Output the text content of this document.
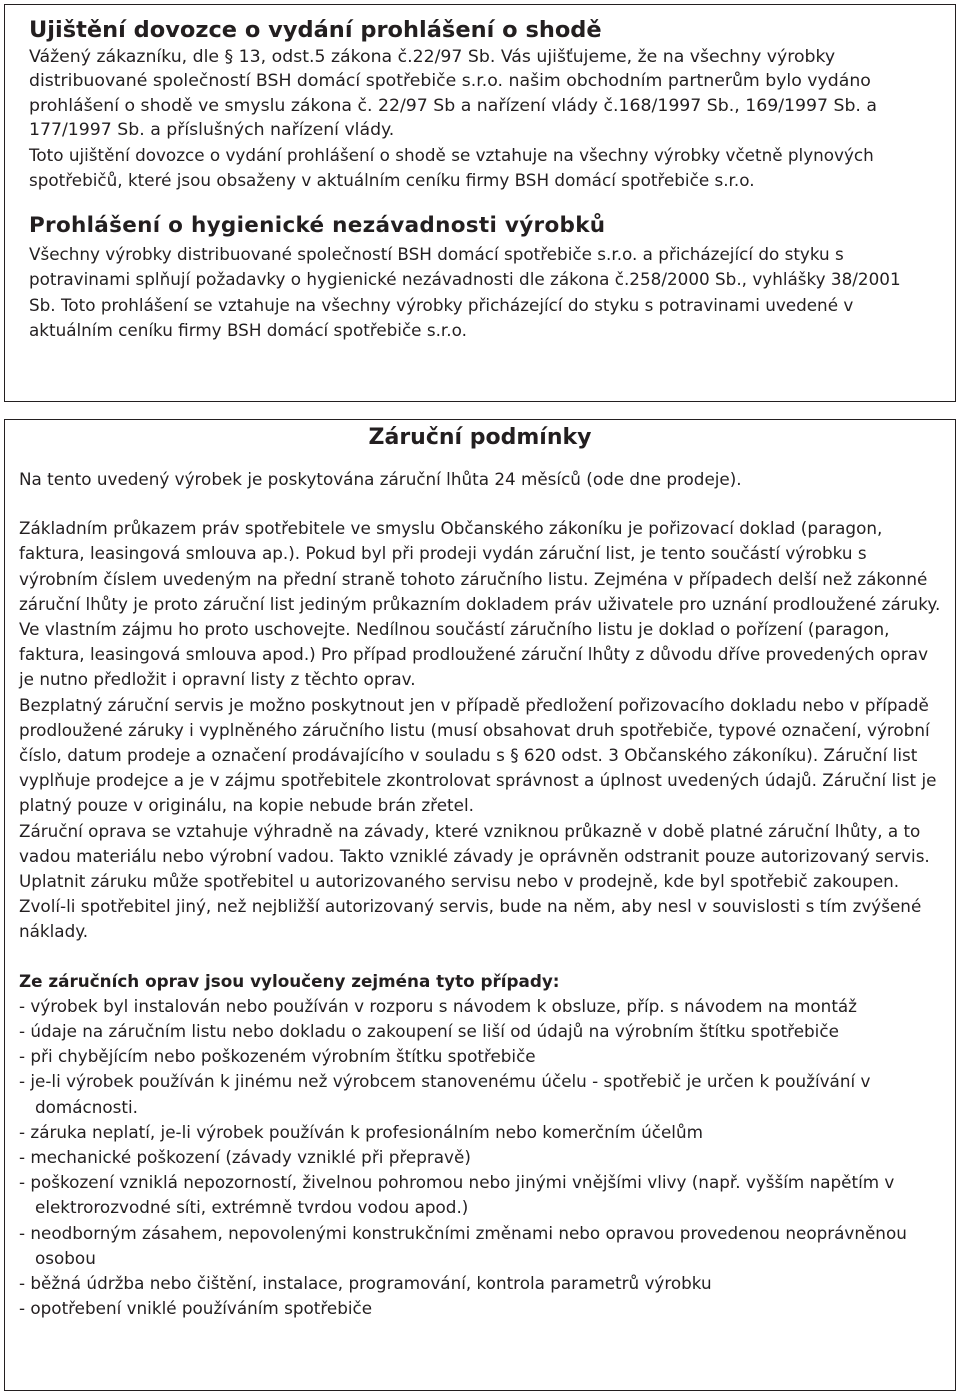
Ujištění dovozce o vydání prohlášení o shodě

Vážený zákazníku, dle § 13, odst.5 zákona č.22/97 Sb. Vás ujišťujeme, že na všechny výrobky distribuované společností BSH domácí spotřebiče s.r.o. našim obchodním partnerům bylo vydáno prohlášení o shodě ve smyslu zákona č. 22/97 Sb a nařízení vlády č.168/1997 Sb., 169/1997 Sb. a 177/1997 Sb. a příslušných nařízení vlády.

Toto ujištění dovozce o vydání prohlášení o shodě se vztahuje na všechny výrobky včetně plynových spotřebičů, které jsou obsaženy v aktuálním ceníku firmy BSH domácí spotřebiče s.r.o.

Prohlášení o hygienické nezávadnosti výrobků

Všechny výrobky distribuované společností BSH domácí spotřebiče s.r.o. a přicházející do styku s potravinami splňují požadavky o hygienické nezávadnosti dle zákona č.258/2000 Sb., vyhlášky 38/2001 Sb. Toto prohlášení se vztahuje na všechny výrobky přicházející do styku s potravinami uvedené v aktuálním ceníku firmy BSH domácí spotřebiče s.r.o.

Záruční podmínky

Na tento uvedený výrobek je poskytována záruční lhůta 24 měsíců (ode dne prodeje).

Základním průkazem práv spotřebitele ve smyslu Občanského zákoníku je pořizovací doklad (paragon, faktura, leasingová smlouva ap.). Pokud byl při prodeji vydán záruční list, je tento součástí výrobku s výrobním číslem uvedeným na přední straně tohoto záručního listu. Zejména v případech delší než zákonné záruční lhůty je proto záruční list jediným průkazním dokladem práv uživatele pro uznání prodloužené záruky. Ve vlastním zájmu ho proto uschovejte. Nedílnou součástí záručního listu je doklad o pořízení (paragon, faktura, leasingová smlouva apod.) Pro případ prodloužené záruční lhůty z důvodu dříve provedených oprav je nutno předložit i opravní listy z těchto oprav.

Bezplatný záruční servis je možno poskytnout jen v případě předložení pořizovacího dokladu nebo v případě prodloužené záruky i vyplněného záručního listu (musí obsahovat druh spotřebiče, typové označení, výrobní číslo, datum prodeje a označení prodávajícího v souladu s § 620 odst. 3 Občanského zákoníku). Záruční list vyplňuje prodejce a je v zájmu spotřebitele zkontrolovat správnost a úplnost uvedených údajů. Záruční list je platný pouze v originálu, na kopie nebude brán zřetel.

Záruční oprava se vztahuje výhradně na závady, které vzniknou průkazně v době platné záruční lhůty, a to vadou materiálu nebo výrobní vadou. Takto vzniklé závady je oprávněn odstranit pouze autorizovaný servis. Uplatnit záruku může spotřebitel u autorizovaného servisu nebo v prodejně, kde byl spotřebič zakoupen. Zvolí-li spotřebitel jiný, než nejbližší autorizovaný servis, bude na něm, aby nesl v souvislosti s tím zvýšené náklady.

Ze záručních oprav jsou vyloučeny zejména tyto případy:

- výrobek byl instalován nebo používán v rozporu s návodem k obsluze, příp. s návodem na montáž
- údaje na záručním listu nebo dokladu o zakoupení se liší od údajů na výrobním štítku spotřebiče
- při chybějícím nebo poškozeném výrobním štítku spotřebiče
- je-li výrobek používán k jinému než výrobcem stanovenému účelu - spotřebič je určen k používání v domácnosti.
- záruka neplatí, je-li výrobek používán k profesionálním nebo komerčním účelům
- mechanické poškození (závady vzniklé při přepravě)
- poškození vzniklá nepozorností, živelnou pohromou nebo jinými vnějšími vlivy (např. vyšším napětím v elektrorozvodné síti, extrémně tvrdou vodou apod.)
- neodborným zásahem, nepovolenými konstrukčními změnami nebo opravou provedenou neoprávněnou osobou
- běžná údržba nebo čištění, instalace, programování, kontrola parametrů výrobku
- opotřebení vniklé používáním spotřebiče
